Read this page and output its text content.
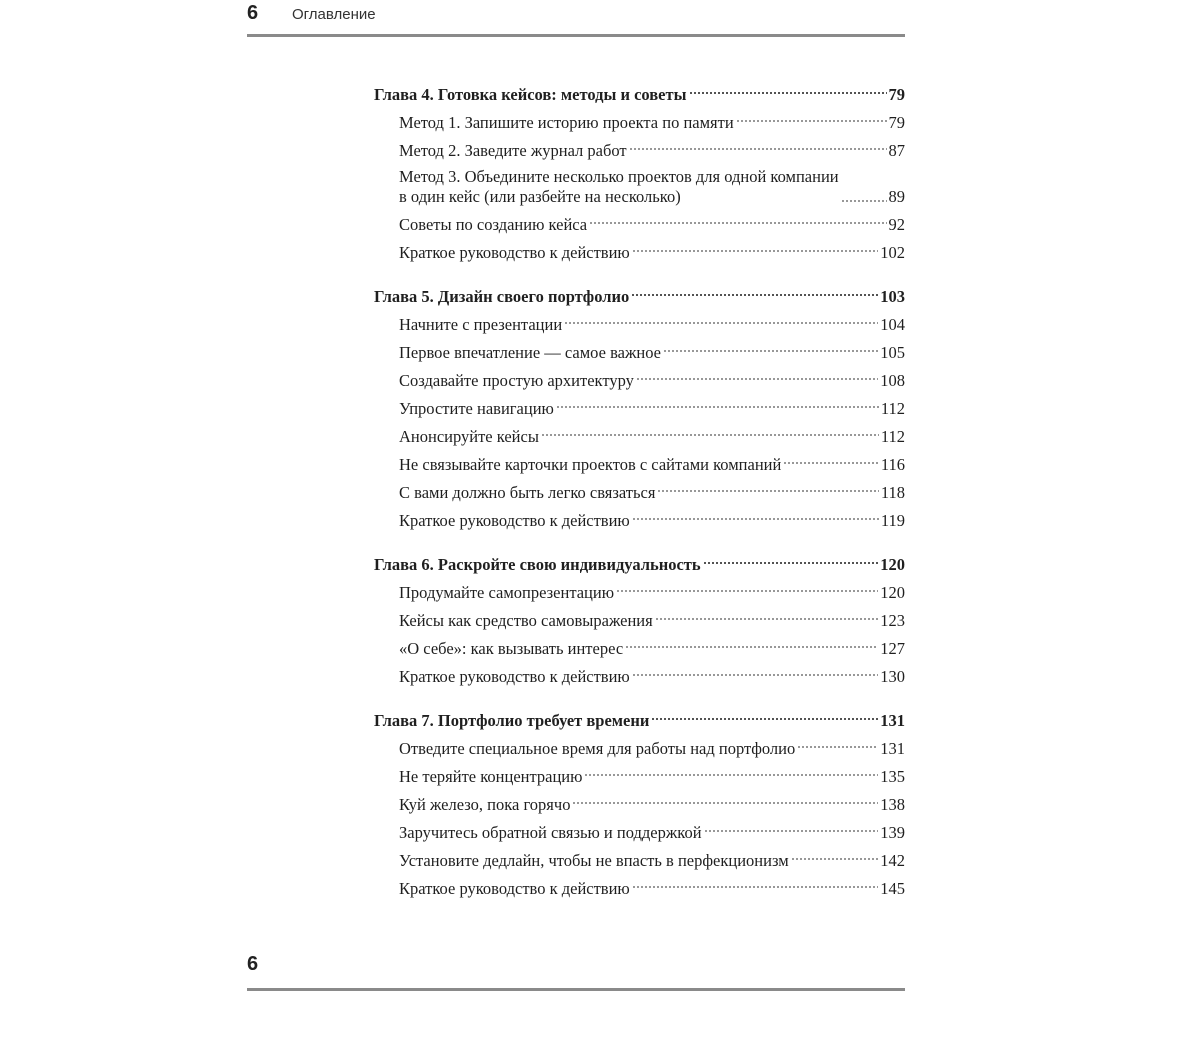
6 Оглавление
Глава 4. Готовка кейсов: методы и советы	79
Метод 1. Запишите историю проекта по памяти	79
Метод 2. Заведите журнал работ	87
Метод 3. Объедините несколько проектов для одной компании в один кейс (или разбейте на несколько)	89
Советы по созданию кейса	92
Краткое руководство к действию	102
Глава 5. Дизайн своего портфолио	103
Начните с презентации	104
Первое впечатление — самое важное	105
Создавайте простую архитектуру	108
Упростите навигацию	112
Анонсируйте кейсы	112
Не связывайте карточки проектов с сайтами компаний	116
С вами должно быть легко связаться	118
Краткое руководство к действию	119
Глава 6. Раскройте свою индивидуальность	120
Продумайте самопрезентацию	120
Кейсы как средство самовыражения	123
«О себе»: как вызывать интерес	127
Краткое руководство к действию	130
Глава 7. Портфолио требует времени	131
Отведите специальное время для работы над портфолио	131
Не теряйте концентрацию	135
Куй железо, пока горячо	138
Заручитесь обратной связью и поддержкой	139
Установите дедлайн, чтобы не впасть в перфекционизм	142
Краткое руководство к действию	145
6
